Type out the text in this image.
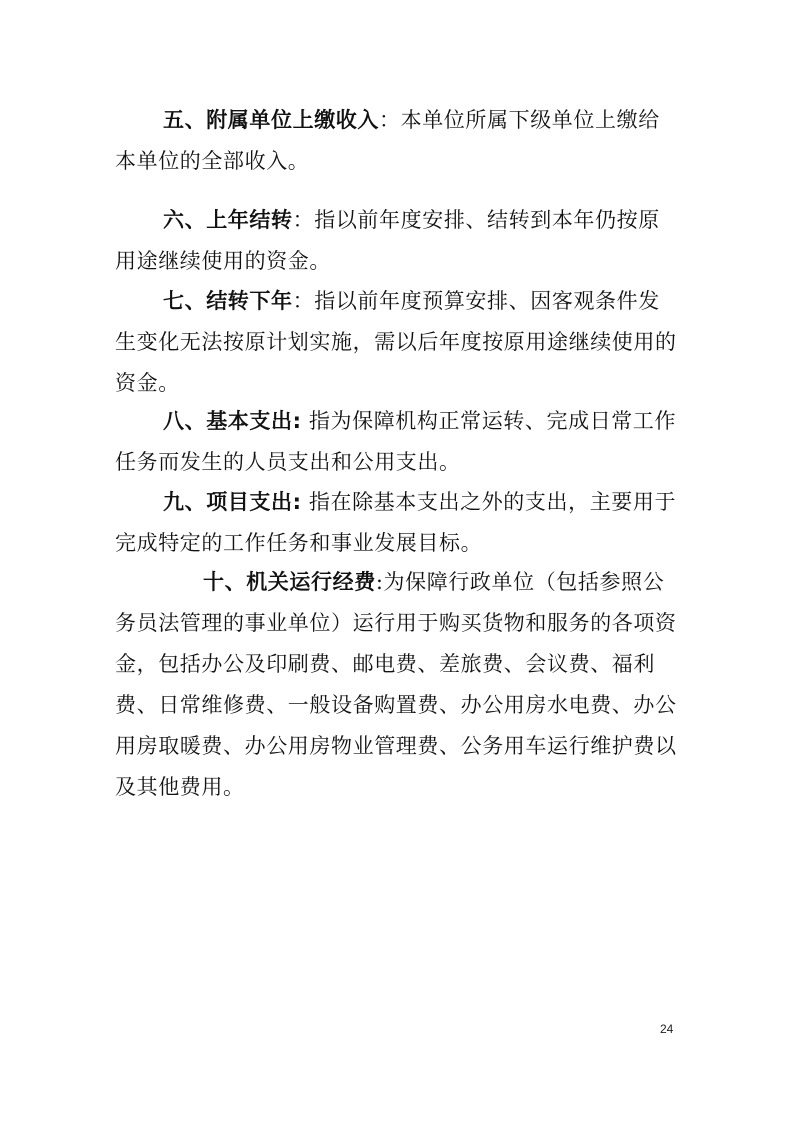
五、附属单位上缴收入：本单位所属下级单位上缴给本单位的全部收入。

六、上年结转：指以前年度安排、结转到本年仍按原用途继续使用的资金。

七、结转下年：指以前年度预算安排、因客观条件发生变化无法按原计划实施，需以后年度按原用途继续使用的资金。

八、基本支出: 指为保障机构正常运转、完成日常工作任务而发生的人员支出和公用支出。

九、项目支出: 指在除基本支出之外的支出，主要用于完成特定的工作任务和事业发展目标。

十、机关运行经费:为保障行政单位（包括参照公务员法管理的事业单位）运行用于购买货物和服务的各项资金，包括办公及印刷费、邮电费、差旅费、会议费、福利费、日常维修费、一般设备购置费、办公用房水电费、办公用房取暖费、办公用房物业管理费、公务用车运行维护费以及其他费用。

24
